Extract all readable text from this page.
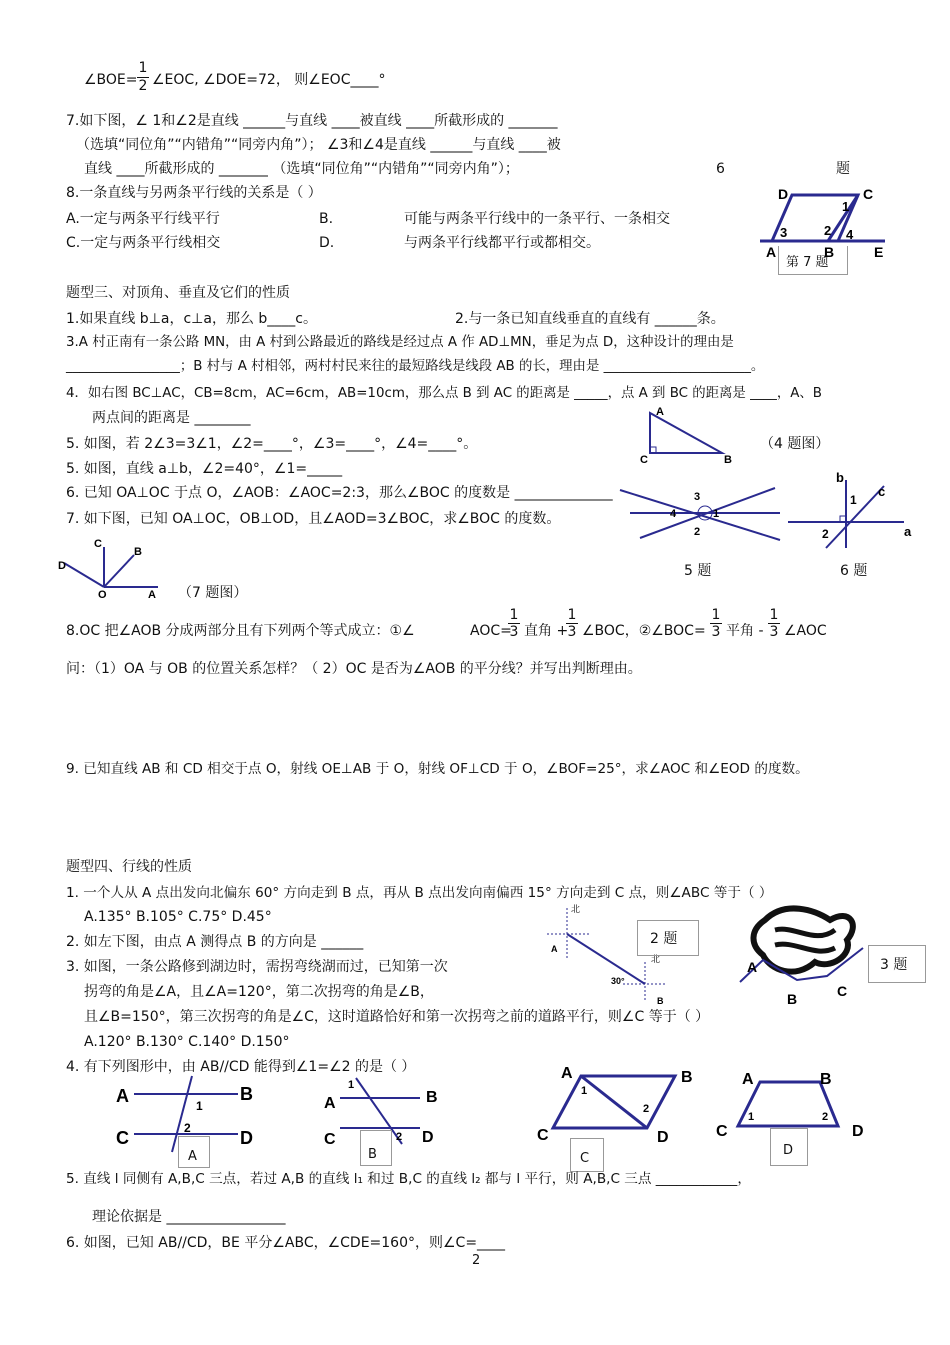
∠BOE= $\frac{1}{2}$ ∠EOC, ∠DOE=72， 则∠EOC____°
7.如下图，∠ 1和∠2是直线 ______与直线 ____被直线 ____所截形成的 _______
（选填“同位角”“内错角”“同旁内角”）； ∠3和∠4是直线 ______与直线 ____被
直线 ____所截形成的 _______ （选填“同位角”“内错角”“同旁内角”）；	6	题
8.一条直线与另两条平行线的关系是（ ）
A.一定与两条平行线平行	B.	可能与两条平行线中的一条平行、一条相交
C.一定与两条平行线相交	D.	与两条平行线都平行或都相交。
D	C
1
2
3	4
A	B	E
第 7 题
题型三、对顶角、垂直及它们的性质
1.如果直线 b⊥a，c⊥a，那么 b____c。	2.与一条已知直线垂直的直线有 ______条。
3.A 村正南有一条公路 MN，由 A 村到公路最近的路线是经过点 A 作 AD⊥MN，垂足为点 D，这种设计的理由是
_________________；B 村与 A 村相邻，两村村民来往的最短路线是线段 AB 的长，理由是 ______________________。
4．如右图 BC⊥AC，CB=8cm，AC=6cm，AB=10cm，那么点 B 到 AC 的距离是 _____，点 A 到 BC 的距离是 ____，A、B
两点间的距离是 ________	A
C	B
5. 如图，若 2∠3=3∠1，∠2=____°，∠3=____°，∠4=____°。	（4 题图）
5. 如图，直线 a⊥b，∠2=40°，∠1=_____
6. 已知 OA⊥OC 于点 O，∠AOB：∠AOC=2:3，那么∠BOC 的度数是 ______________
7. 如下图，已知 OA⊥OC，OB⊥OD，且∠AOD=3∠BOC，求∠BOC 的度数。
3
4	1
2
b
c
1
2	a
C
B
D
O	A （7 题图）
5 题	6 题
8.OC 把∠AOB 分成两部分且有下列两个等式成立：①∠	AOC=
$\frac{1}{3}$ 直角 +
$\frac{1}{3}$ ∠BOC，②∠BOC= $\frac{1}{3}$ 平角 - $\frac{1}{3}$ ∠AOC
问：（1）OA 与 OB 的位置关系怎样？（ 2）OC 是否为∠AOB 的平分线？并写出判断理由。
9. 已知直线 AB 和 CD 相交于点 O，射线 OE⊥AB 于 O，射线 OF⊥CD 于 O，∠BOF=25°，求∠AOC 和∠EOD 的度数。
题型四、行线的性质
1. 一个人从 A 点出发向北偏东 60° 方向走到 B 点，再从 B 点出发向南偏西 15° 方向走到 C 点，则∠ABC 等于（ ）
A.135° B.105° C.75° D.45°
2. 如左下图，由点 A 测得点 B 的方向是 ______
3. 如图，一条公路修到湖边时，需拐弯绕湖而过，已知第一次
拐弯的角是∠A，且∠A=120°，第二次拐弯的角是∠B，
且∠B=150°，第三次拐弯的角是∠C，这时道路恰好和第一次拐弯之前的道路平行，则∠C 等于（ ）
A.120° B.130° C.140° D.150°
北
北
A
B
30°
2 题
A
B	C
3 题
4. 有下列图形中，由 AB//CD 能得到∠1=∠2 的是（ ）
A	B
C	D
1
2
A
A	B
C	D
1
2
B
A	B
C	D
1
2
C
A	B
C	D
1	2
D
5. 直线 l 同侧有 A,B,C 三点，若过 A,B 的直线 l₁ 和过 B,C 的直线 l₂ 都与 l 平行，则 A,B,C 三点 ____________，
理论依据是 _________________
6. 如图，已知 AB//CD，BE 平分∠ABC，∠CDE=160°，则∠C=____
2
